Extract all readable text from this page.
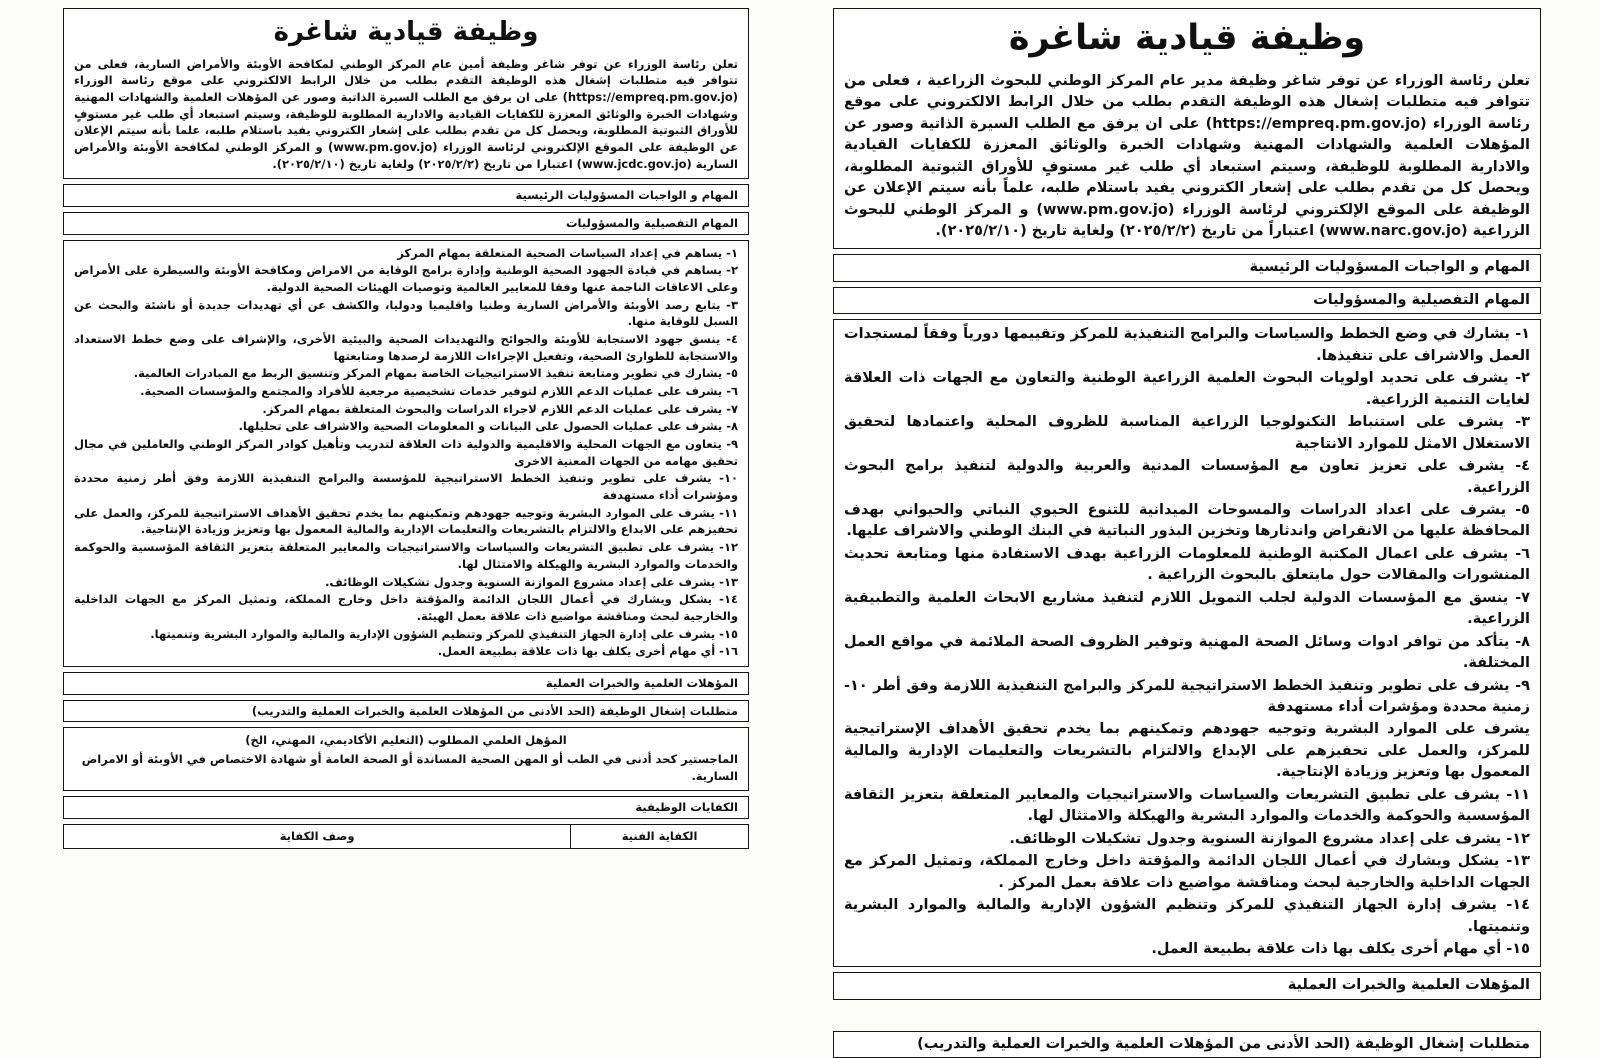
وظيفة قيادية شاغرة
تعلن رئاسة الوزراء عن توفر شاغر وظيفة أمين عام المركز الوطني لمكافحة الأوبئة والأمراض السارية، فعلى من تتوافر فيه متطلبات إشغال هذه الوظيفة التقدم بطلب من خلال الرابط الالكتروني على موقع رئاسة الوزراء (https://empreq.pm.gov.jo) على ان يرفق مع الطلب السيرة الذاتية وصور عن المؤهلات العلمية والشهادات المهنية وشهادات الخبرة والوثائق المعززة للكفايات القيادية والادارية المطلوبة للوظيفة، وسيتم استبعاد أي طلب غير مستوفٍ للأوراق الثبوتية المطلوبة، ويحصل كل من تقدم بطلب على إشعار الكتروني يفيد باستلام طلبه، علما بأنه سيتم الإعلان عن الوظيفة على الموقع الإلكتروني لرئاسة الوزراء (www.pm.gov.jo) و المركز الوطني لمكافحة الأوبئة والأمراض السارية (www.jcdc.gov.jo) اعتبارا من تاريخ (٢٠٢٥/٢/٢) ولغاية تاريخ (٢٠٢٥/٢/١٠).
المهام و الواجبات المسؤوليات الرئيسية
المهام التفصيلية والمسؤوليات
١- يساهم في إعداد السياسات الصحية المتعلقة بمهام المركز
٢- يساهم في قيادة الجهود الصحية الوطنية وإدارة برامج الوقاية من الامراض ومكافحة الأوبئة والسيطرة على الأمراض وعلى الاعاقات الناجمة عنها وفقا للمعايير العالمية وتوصيات الهيئات الصحية الدولية.
٣- يتابع رصد الأوبئة والأمراض السارية وطنيا واقليميا ودوليا، والكشف عن أي تهديدات جديدة أو ناشئة والبحث عن السبل للوقاية منها.
٤- ينسق جهود الاستجابة للأوبئة والجوائح والتهديدات الصحية والبيئية الأخرى، والإشراف على وضع خطط الاستعداد والاستجابة للطوارئ الصحية، وتفعيل الإجراءات اللازمة لرصدها ومتابعتها
٥- يشارك في تطوير ومتابعة تنفيذ الاستراتيجيات الخاصة بمهام المركز وتنسيق الربط مع المبادرات العالمية.
٦- يشرف على عمليات الدعم اللازم لتوفير خدمات تشخيصية مرجعية للأفراد والمجتمع والمؤسسات الصحية.
٧- يشرف على عمليات الدعم اللازم لاجراء الدراسات والبحوث المتعلقة بمهام المركز.
٨- يشرف على عمليات الحصول على البيانات و المعلومات الصحية والاشراف على تحليلها.
٩- يتعاون مع الجهات المحلية والاقليمية والدولية ذات العلاقة لتدريب وتأهيل كوادر المركز الوطني والعاملين في مجال تحقيق مهامه من الجهات المعنية الاخرى
١٠- يشرف على تطوير وتنفيذ الخطط الاستراتيجية للمؤسسة والبرامج التنفيذية اللازمة وفق أطر زمنية محددة ومؤشرات أداء مستهدفة
١١- يشرف على الموارد البشرية وتوجيه جهودهم وتمكينهم بما يخدم تحقيق الأهداف الاستراتيجية للمركز، والعمل على تحفيزهم على الابداع والالتزام بالتشريعات والتعليمات الإدارية والمالية المعمول بها وتعزيز وزيادة الإنتاجية.
١٢- يشرف على تطبيق التشريعات والسياسات والاستراتيجيات والمعايير المتعلقة بتعزيز الثقافة المؤسسية والحوكمة والخدمات والموارد البشرية والهيكلة والامتثال لها.
١٣- يشرف على إعداد مشروع الموازنة السنوية وجدول تشكيلات الوظائف.
١٤- يشكل ويشارك في أعمال اللجان الدائمة والمؤقتة داخل وخارج المملكة، وتمثيل المركز مع الجهات الداخلية والخارجية لبحث ومناقشة مواضيع ذات علاقة بعمل الهيئة.
١٥- يشرف على إدارة الجهاز التنفيذي للمركز وتنظيم الشؤون الإدارية والمالية والموارد البشرية وتنميتها.
١٦- أي مهام أخرى يكلف بها ذات علاقة بطبيعة العمل.
المؤهلات العلمية والخبرات العملية
متطلبات إشغال الوظيفة (الحد الأدنى من المؤهلات العلمية والخبرات العملية والتدريب)
المؤهل العلمي المطلوب (التعليم الأكاديمي، المهني، الخ)
الماجستير كحد أدنى في الطب أو المهن الصحية المساندة أو الصحة العامة أو شهادة الاختصاص في الأوبئة أو الامراض السارية.
الكفايات الوظيفية
الكفاية الفنية
وصف الكفاية
وظيفة قيادية شاغرة
تعلن رئاسة الوزراء عن توفر شاغر وظيفة مدير عام المركز الوطني للبحوث الزراعية ، فعلى من تتوافر فيه متطلبات إشغال هذه الوظيفة التقدم بطلب من خلال الرابط الالكتروني على موقع رئاسة الوزراء (https://empreq.pm.gov.jo) على ان يرفق مع الطلب السيرة الذاتية وصور عن المؤهلات العلمية والشهادات المهنية وشهادات الخبرة والوثائق المعززة للكفايات القيادية والادارية المطلوبة للوظيفة، وسيتم استبعاد أي طلب غير مستوفٍ للأوراق الثبوتية المطلوبة، ويحصل كل من تقدم بطلب على إشعار الكتروني يفيد باستلام طلبه، علماً بأنه سيتم الإعلان عن الوظيفة على الموقع الإلكتروني لرئاسة الوزراء (www.pm.gov.jo) و المركز الوطني للبحوث الزراعية (www.narc.gov.jo) اعتباراً من تاريخ (٢٠٢٥/٢/٢) ولغاية تاريخ (٢٠٢٥/٢/١٠).
المهام و الواجبات المسؤوليات الرئيسية
المهام التفصيلية والمسؤوليات
١- يشارك في وضع الخطط والسياسات والبرامج التنفيذية للمركز وتقييمها دورياً وفقاً لمستجدات العمل والاشراف على تنفيذها.
٢- يشرف على تحديد اولويات البحوث العلمية الزراعية الوطنية والتعاون مع الجهات ذات العلاقة لغايات التنمية الزراعية.
٣- يشرف على استنباط التكنولوجيا الزراعية المناسبة للظروف المحلية واعتمادها لتحقيق الاستغلال الامثل للموارد الانتاجية
٤- يشرف على تعزيز تعاون مع المؤسسات المدنية والعربية والدولية لتنفيذ برامج البحوث الزراعية.
٥- يشرف على اعداد الدراسات والمسوحات الميدانية للتنوع الحيوي النباتي والحيواني بهدف المحافظة عليها من الانقراض واندثارها وتخزين البذور النباتية في البنك الوطني والاشراف عليها.
٦- يشرف على اعمال المكتبة الوطنية للمعلومات الزراعية بهدف الاستفادة منها ومتابعة تحديث المنشورات والمقالات حول مايتعلق بالبحوث الزراعية .
٧- ينسق مع المؤسسات الدولية لجلب التمويل اللازم لتنفيذ مشاريع الابحاث العلمية والتطبيقية الزراعية.
٨- يتأكد من توافر ادوات وسائل الصحة المهنية وتوفير الظروف الصحة الملائمة في مواقع العمل المختلفة.
٩- يشرف على تطوير وتنفيذ الخطط الاستراتيجية للمركز والبرامج التنفيذية اللازمة وفق أطر ١٠- زمنية محددة ومؤشرات أداء مستهدفة
يشرف على الموارد البشرية وتوجيه جهودهم وتمكينهم بما يخدم تحقيق الأهداف الإستراتيجية للمركز، والعمل على تحفيزهم على الإبداع والالتزام بالتشريعات والتعليمات الإدارية والمالية المعمول بها وتعزيز وزيادة الإنتاجية.
١١- يشرف على تطبيق التشريعات والسياسات والاستراتيجيات والمعايير المتعلقة بتعزيز الثقافة المؤسسية والحوكمة والخدمات والموارد البشرية والهيكلة والامتثال لها.
١٢- يشرف على إعداد مشروع الموازنة السنوية وجدول تشكيلات الوظائف.
١٣- يشكل ويشارك في أعمال اللجان الدائمة والمؤقتة داخل وخارج المملكة، وتمثيل المركز مع الجهات الداخلية والخارجية لبحث ومناقشة مواضيع ذات علاقة بعمل المركز .
١٤- يشرف إدارة الجهاز التنفيذي للمركز وتنظيم الشؤون الإدارية والمالية والموارد البشرية وتنميتها.
١٥- أي مهام أخرى يكلف بها ذات علاقة بطبيعة العمل.
المؤهلات العلمية والخبرات العملية
متطلبات إشغال الوظيفة (الحد الأدنى من المؤهلات العلمية والخبرات العملية والتدريب)
